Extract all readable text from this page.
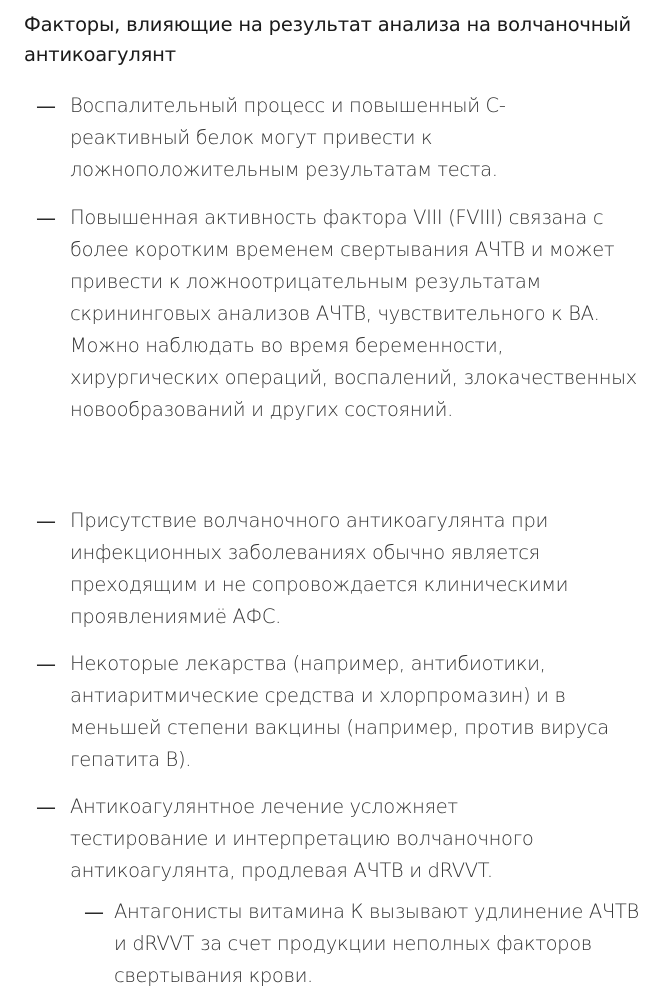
Факторы, влияющие на результат анализа на волчаночный антикоагулянт
— Воспалительный процесс и повышенный С-реактивный белок могут привести к ложноположительным результатам теста.
— Повышенная активность фактора VIII (FVIII) связана с более коротким временем свертывания АЧТВ и может привести к ложноотрицательным результатам скрининговых анализов АЧТВ, чувствительного к ВА. Можно наблюдать во время беременности, хирургических операций, воспалений, злокачественных новообразований и других состояний.
— Присутствие волчаночного антикоагулянта при инфекционных заболеваниях обычно является преходящим и не сопровождается клиническими проявлениямиё АФС.
— Некоторые лекарства (например, антибиотики, антиаритмические средства и хлорпромазин) и в меньшей степени вакцины (например, против вируса гепатита В).
— Антикоагулянтное лечение усложняет тестирование и интерпретацию волчаночного антикоагулянта, продлевая АЧТВ и dRVVT.
— Антагонисты витамина К вызывают удлинение АЧТВ и dRVVT за счет продукции неполных факторов свертывания крови.
